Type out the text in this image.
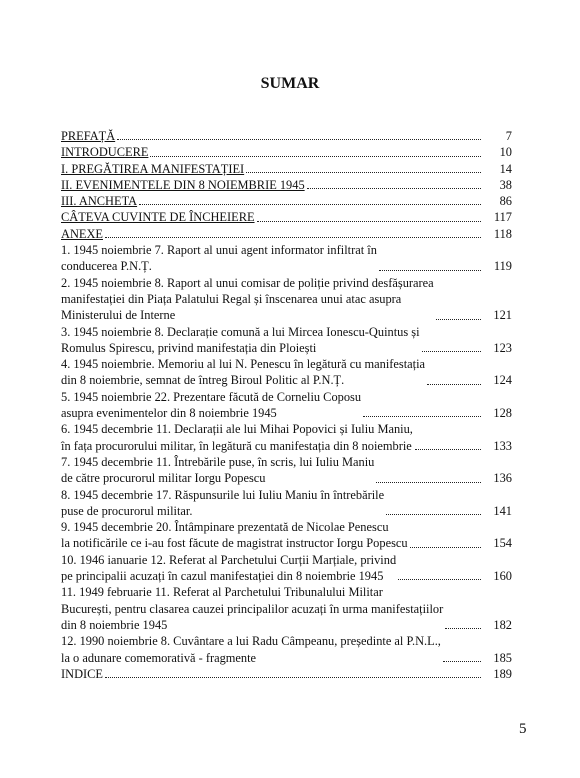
SUMAR
PREFAȚĂ	7
INTRODUCERE	10
I. PREGĂTIREA MANIFESTAȚIEI	14
II. EVENIMENTELE DIN 8 NOIEMBRIE 1945	38
III. ANCHETA	86
CÂTEVA CUVINTE DE ÎNCHEIERE	117
ANEXE	118
1. 1945 noiembrie 7. Raport al unui agent informator infiltrat în
conducerea P.N.Ț.	119
2. 1945 noiembrie 8. Raport al unui comisar de poliție privind desfășurarea
manifestației din Piața Palatului Regal și înscenarea unui atac asupra
Ministerului de Interne	121
3. 1945 noiembrie 8. Declarație comună a lui Mircea Ionescu-Quintus și
Romulus Spirescu, privind manifestația din Ploiești	123
4. 1945 noiembrie. Memoriu al lui N. Penescu în legătură cu manifestația
din 8 noiembrie, semnat de întreg Biroul Politic al P.N.Ț.	124
5. 1945 noiembrie 22. Prezentare făcută de Corneliu Coposu
asupra evenimentelor din 8 noiembrie 1945	128
6. 1945 decembrie 11. Declarații ale lui Mihai Popovici și Iuliu Maniu,
în fața procurorului militar, în legătură cu manifestația din 8 noiembrie	133
7. 1945 decembrie 11. Întrebările puse, în scris, lui Iuliu Maniu
de către procurorul militar Iorgu Popescu	136
8. 1945 decembrie 17. Răspunsurile lui Iuliu Maniu în întrebările
puse de procurorul militar.	141
9. 1945 decembrie 20. Întâmpinare prezentată de Nicolae Penescu
la notificările ce i-au fost făcute de magistrat instructor Iorgu Popescu	154
10. 1946 ianuarie 12. Referat al Parchetului Curții Marțiale, privind
pe principalii acuzați în cazul manifestației din 8 noiembrie 1945	160
11. 1949 februarie 11. Referat al Parchetului Tribunalului Militar
București, pentru clasarea cauzei principalilor acuzați în urma manifestațiilor
din 8 noiembrie 1945	182
12. 1990 noiembrie 8. Cuvântare a lui Radu Câmpeanu, președinte al P.N.L.,
la o adunare comemorativă - fragmente	185
INDICE	189
5
